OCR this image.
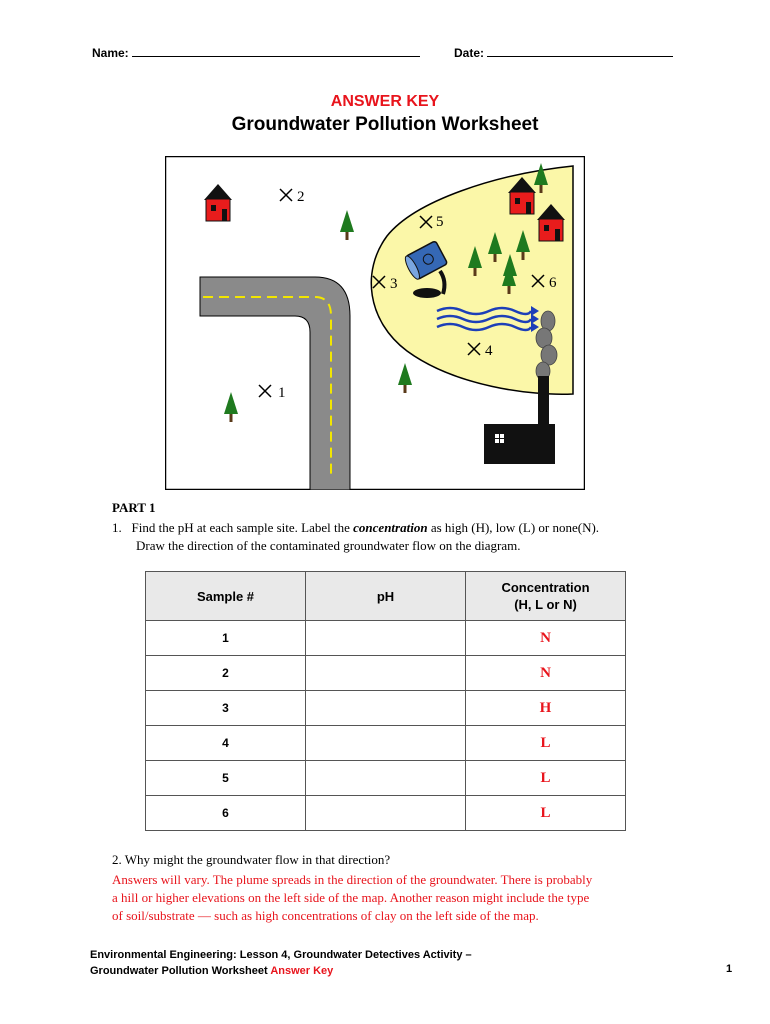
Name:	Date:
ANSWER KEY
Groundwater Pollution Worksheet
1
2
3
4
5
6
PART 1
1. Find the pH at each sample site. Label the concentration as high (H), low (L) or none(N).
Draw the direction of the contaminated groundwater flow on the diagram.
Sample #	pH	Concentration
(H, L or N)
1		N
2		N
3		H
4		L
5		L
6		L
2. Why might the groundwater flow in that direction?
Answers will vary. The plume spreads in the direction of the groundwater. There is probably
a hill or higher elevations on the left side of the map. Another reason might include the type
of soil/substrate — such as high concentrations of clay on the left side of the map.
Environmental Engineering: Lesson 4, Groundwater Detectives Activity –
Groundwater Pollution Worksheet Answer Key	1
